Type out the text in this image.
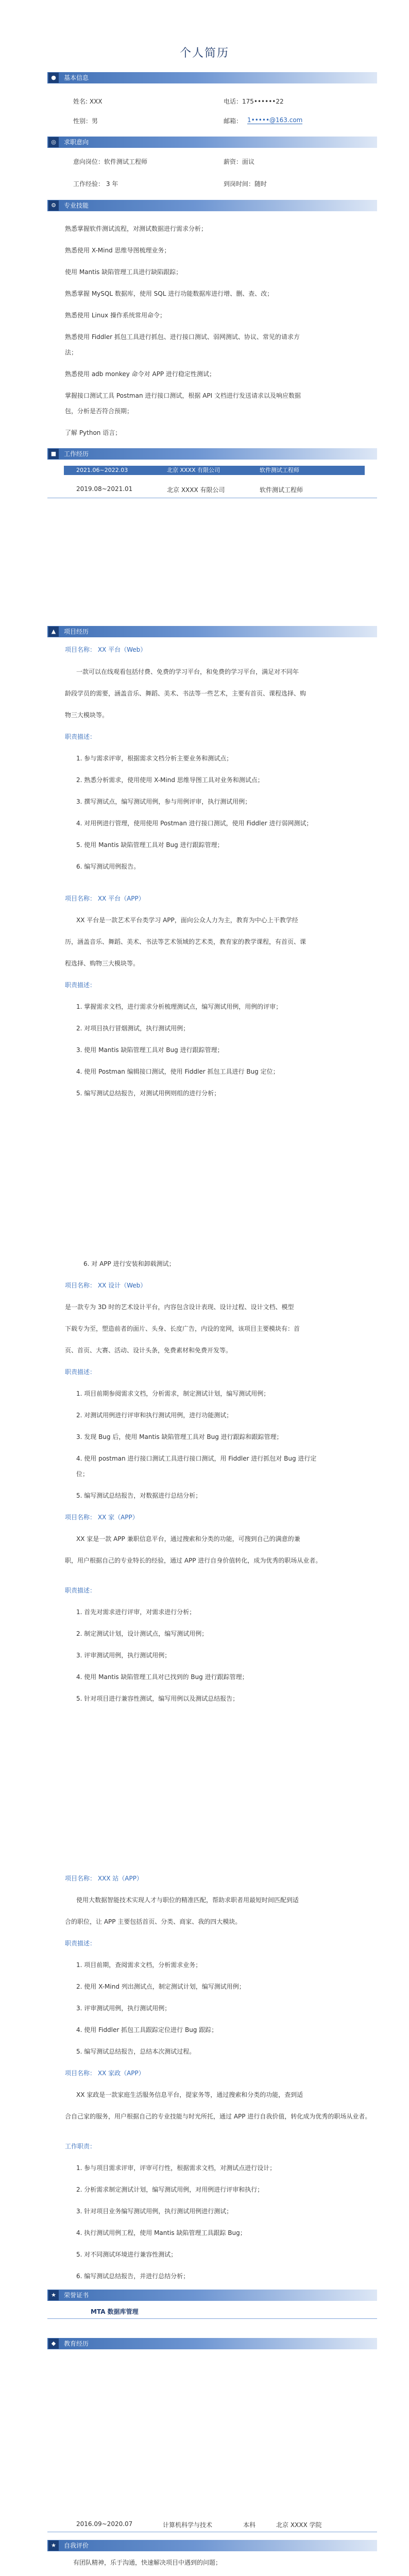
个人简历
●	基本信息
姓名: XXX	电话：175••••••22
性别：男	邮箱： 1•••••@163.com
◎	求职意向
意向岗位：软件测试工程师	薪资：面议
工作经验： 3 年	到岗时间：随时
⚙	专业技能
熟悉掌握软件测试流程，对测试数据进行需求分析；
熟悉使用 X-Mind 思维导图梳理业务；
使用 Mantis 缺陷管理工具进行缺陷跟踪；
熟悉掌握 MySQL 数据库，使用 SQL 进行功能数据库进行增、删、查、改；
熟悉使用 Linux 操作系统常用命令；
熟悉使用 Fiddler 抓包工具进行抓包、进行接口测试、弱网测试、协议、常见的请求方
法；
熟悉使用 adb monkey 命令对 APP 进行稳定性测试；
掌握接口测试工具 Postman 进行接口测试，根据 API 文档进行发送请求以及响应数据
包，分析是否符合预期；
了解 Python 语言；
■	工作经历
2021.06~2022.03	北京 XXXX 有限公司	软件测试工程师
2019.08~2021.01	北京 XXXX 有限公司	软件测试工程师
▲	项目经历
项目名称： XX 平台（Web）
一款可以在线观看包括付费、免费的学习平台，和免费的学习平台，满足对不同年
龄段学员的需要，涵盖音乐、舞蹈、美术、书法等一些艺术，主要有首页、课程选择、购
物三大模块等。
职责描述：
1. 参与需求评审，根据需求文档分析主要业务和测试点；
2. 熟悉分析需求，使用使用 X-Mind 思维导图工具对业务和测试点；
3. 撰写测试点，编写测试用例，参与用例评审，执行测试用例；
4. 对用例进行管理，使用使用 Postman 进行接口测试，使用 Fiddler 进行弱网测试；
5. 使用 Mantis 缺陷管理工具对 Bug 进行跟踪管理；
6. 编写测试用例报告。
项目名称： XX 平台（APP）
XX 平台是一款艺术平台类学习 APP，面向公众人力为主，教育为中心上干教学经
历，涵盖音乐、舞蹈、美术、书法等艺术领域的艺术类，教育家的教学课程，有首页、课
程选择、购物三大模块等。
职责描述：
1. 掌握需求文档，进行需求分析梳理测试点，编写测试用例，用例的评审；
2. 对项目执行冒烟测试，执行测试用例；
3. 使用 Mantis 缺陷管理工具对 Bug 进行跟踪管理；
4. 使用 Postman 编辑接口测试，使用 Fiddler 抓包工具进行 Bug 定位；
5. 编写测试总结报告，对测试用例则组的进行分析；
6. 对 APP 进行安装和卸载测试；
项目名称： XX 设计（Web）
是一款专为 3D 时的艺术设计平台，内容包含设计表现、设计过程、设计文档、模型
下载专为至，塑造前者的面片、头身、长度广告，内设的宽网，该项目主要模块有：首
页、首页、大赛、活动、设计头条，免费素材和免费开发等。
职责描述：
1. 项目前期参阅需求文档，分析需求，制定测试计划，编写测试用例；
2. 对测试用例进行评审和执行测试用例，进行功能测试；
3. 发现 Bug 后，使用 Mantis 缺陷管理工具对 Bug 进行跟踪和跟踪管理；
4. 使用 postman 进行接口测试工具进行接口测试，用 Fiddler 进行抓包对 Bug 进行定
位；
5. 编写测试总结报告，对数据进行总结分析；
项目名称： XX 家（APP）
XX 家是一款 APP 兼职信息平台，通过搜索和分类的功能，可搜到自己的满意的兼
职，用户根据自己的专业特长的经验，通过 APP 进行自身价值转化，成为优秀的职场从业者。
职责描述：
1. 首先对需求进行评审，对需求进行分析；
2. 制定测试计划，设计测试点，编写测试用例；
3. 评审测试用例，执行测试用例；
4. 使用 Mantis 缺陷管理工具对已找到的 Bug 进行跟踪管理；
5. 针对项目进行兼容性测试，编写用例以及测试总结报告；
项目名称： XXX 站（APP）
使用大数据智能技术实现人才与职位的精准匹配，帮助求职者用最短时间匹配到适
合的职位，让 APP 主要包括首页、分类、商家、我的四大模块。
职责描述：
1. 项目前期，查阅需求文档，分析需求业务；
2. 使用 X-Mind 列出测试点，制定测试计划，编写测试用例；
3. 评审测试用例，执行测试用例；
4. 使用 Fiddler 抓包工具跟踪定位进行 Bug 跟踪；
5. 编写测试总结报告，总结本次测试过程。
项目名称： XX 家政（APP）
XX 家政是一款家庭生活服务信息平台，提家务等，通过搜索和分类的功能，查到适
合自己家的服务，用户根据自己的专业技能与时光所托，通过 APP 进行自我价值，转化成为优秀的职场从业者。
工作职责：
1. 参与项目需求评审，评审可行性，根据需求文档，对测试点进行设计；
2. 分析需求制定测试计划，编写测试用例，对用例进行评审和执行；
3. 针对项目业务编写测试用例，执行测试用例进行测试；
4. 执行测试用例工程，使用 Mantis 缺陷管理工具跟踪 Bug；
5. 对不同测试环境进行兼容性测试；
6. 编写测试总结报告，并进行总结分析；
★	荣誉证书
MTA 数据库管理
◆	教育经历
2016.09~2020.07	计算机科学与技术	本科	北京 XXXX 学院
★	自我评价
有团队精神，乐于沟通，快速解决项目中遇到的问题；
